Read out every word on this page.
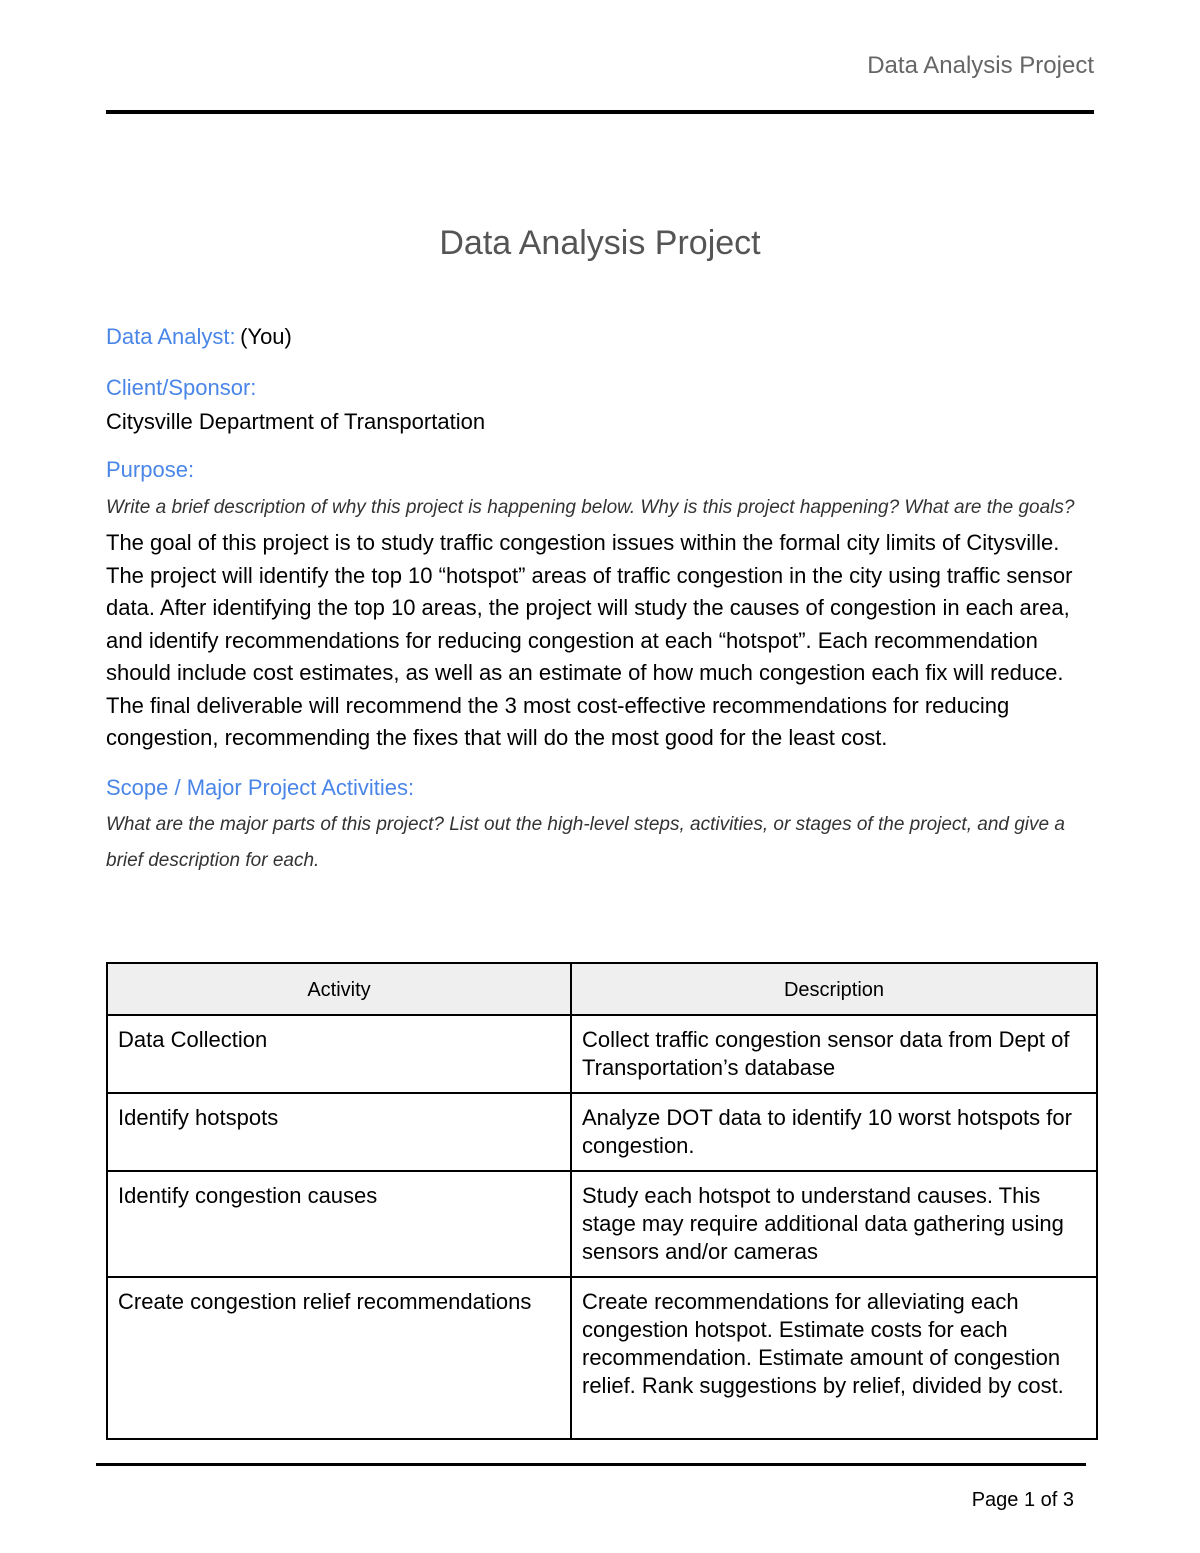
Data Analysis Project
Data Analysis Project
Data Analyst: (You)
Client/Sponsor:
Citysville Department of Transportation
Purpose:
Write a brief description of why this project is happening below. Why is this project happening? What are the goals?
The goal of this project is to study traffic congestion issues within the formal city limits of Citysville. The project will identify the top 10 “hotspot” areas of traffic congestion in the city using traffic sensor data. After identifying the top 10 areas, the project will study the causes of congestion in each area, and identify recommendations for reducing congestion at each “hotspot”. Each recommendation should include cost estimates, as well as an estimate of how much congestion each fix will reduce. The final deliverable will recommend the 3 most cost-effective recommendations for reducing congestion, recommending the fixes that will do the most good for the least cost.
Scope / Major Project Activities:
What are the major parts of this project? List out the high-level steps, activities, or stages of the project, and give a brief description for each.
Activity	Description
Data Collection	Collect traffic congestion sensor data from Dept of Transportation’s database
Identify hotspots	Analyze DOT data to identify 10 worst hotspots for congestion.
Identify congestion causes	Study each hotspot to understand causes. This stage may require additional data gathering using sensors and/or cameras
Create congestion relief recommendations	Create recommendations for alleviating each congestion hotspot. Estimate costs for each recommendation. Estimate amount of congestion relief. Rank suggestions by relief, divided by cost.
Page 1 of 3
